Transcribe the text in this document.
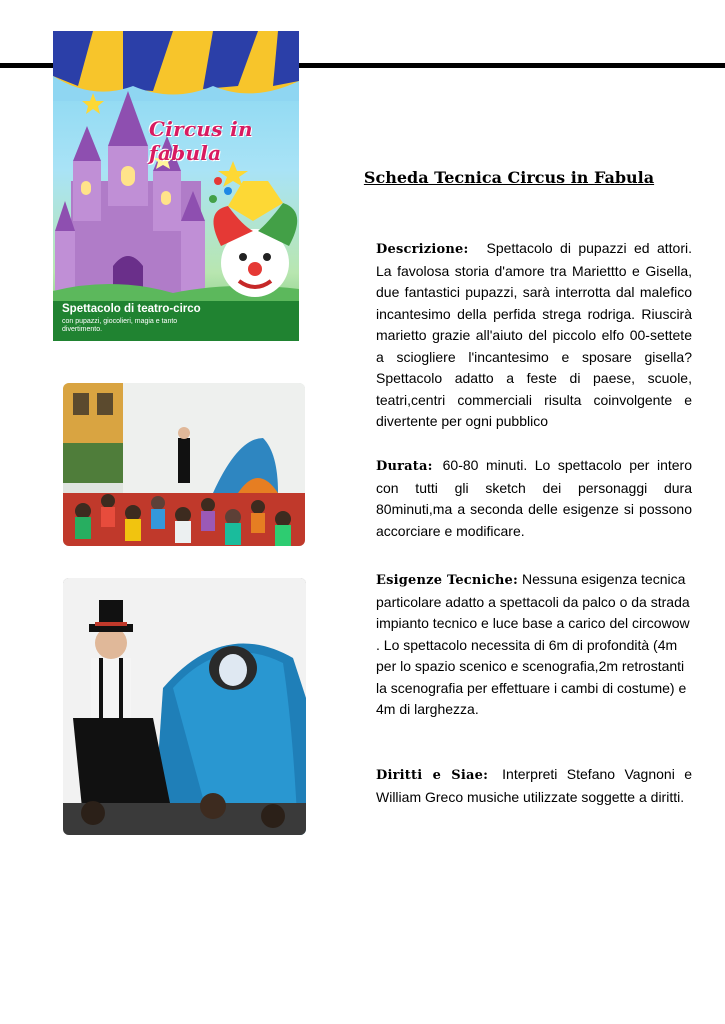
Circus in fabula
Spettacolo di teatro-circo
con pupazzi, giocolieri, magia e tanto divertimento.
Scheda Tecnica Circus in Fabula
Descrizione: Spettacolo di pupazzi ed attori. La favolosa storia d'amore tra Mariettto e Gisella, due fantastici pupazzi, sarà interrotta dal malefico incantesimo della perfida strega rodriga. Riuscirà marietto grazie all'aiuto del piccolo elfo 00-settete a sciogliere l'incantesimo e sposare gisella? Spettacolo adatto a feste di paese, scuole, teatri,centri commerciali risulta coinvolgente e divertente per ogni pubblico
Durata: 60-80 minuti. Lo spettacolo per intero con tutti gli sketch dei personaggi dura 80minuti,ma a seconda delle esigenze si possono accorciare e modificare.
Esigenze Tecniche: Nessuna esigenza tecnica particolare adatto a spettacoli da palco o da strada impianto tecnico e luce base a carico del circowow . Lo spettacolo necessita di 6m di profondità (4m per lo spazio scenico e scenografia,2m retrostanti la scenografia per effettuare i cambi di costume) e 4m di larghezza.
Diritti e Siae: Interpreti Stefano Vagnoni e William Greco musiche utilizzate soggette a diritti.
